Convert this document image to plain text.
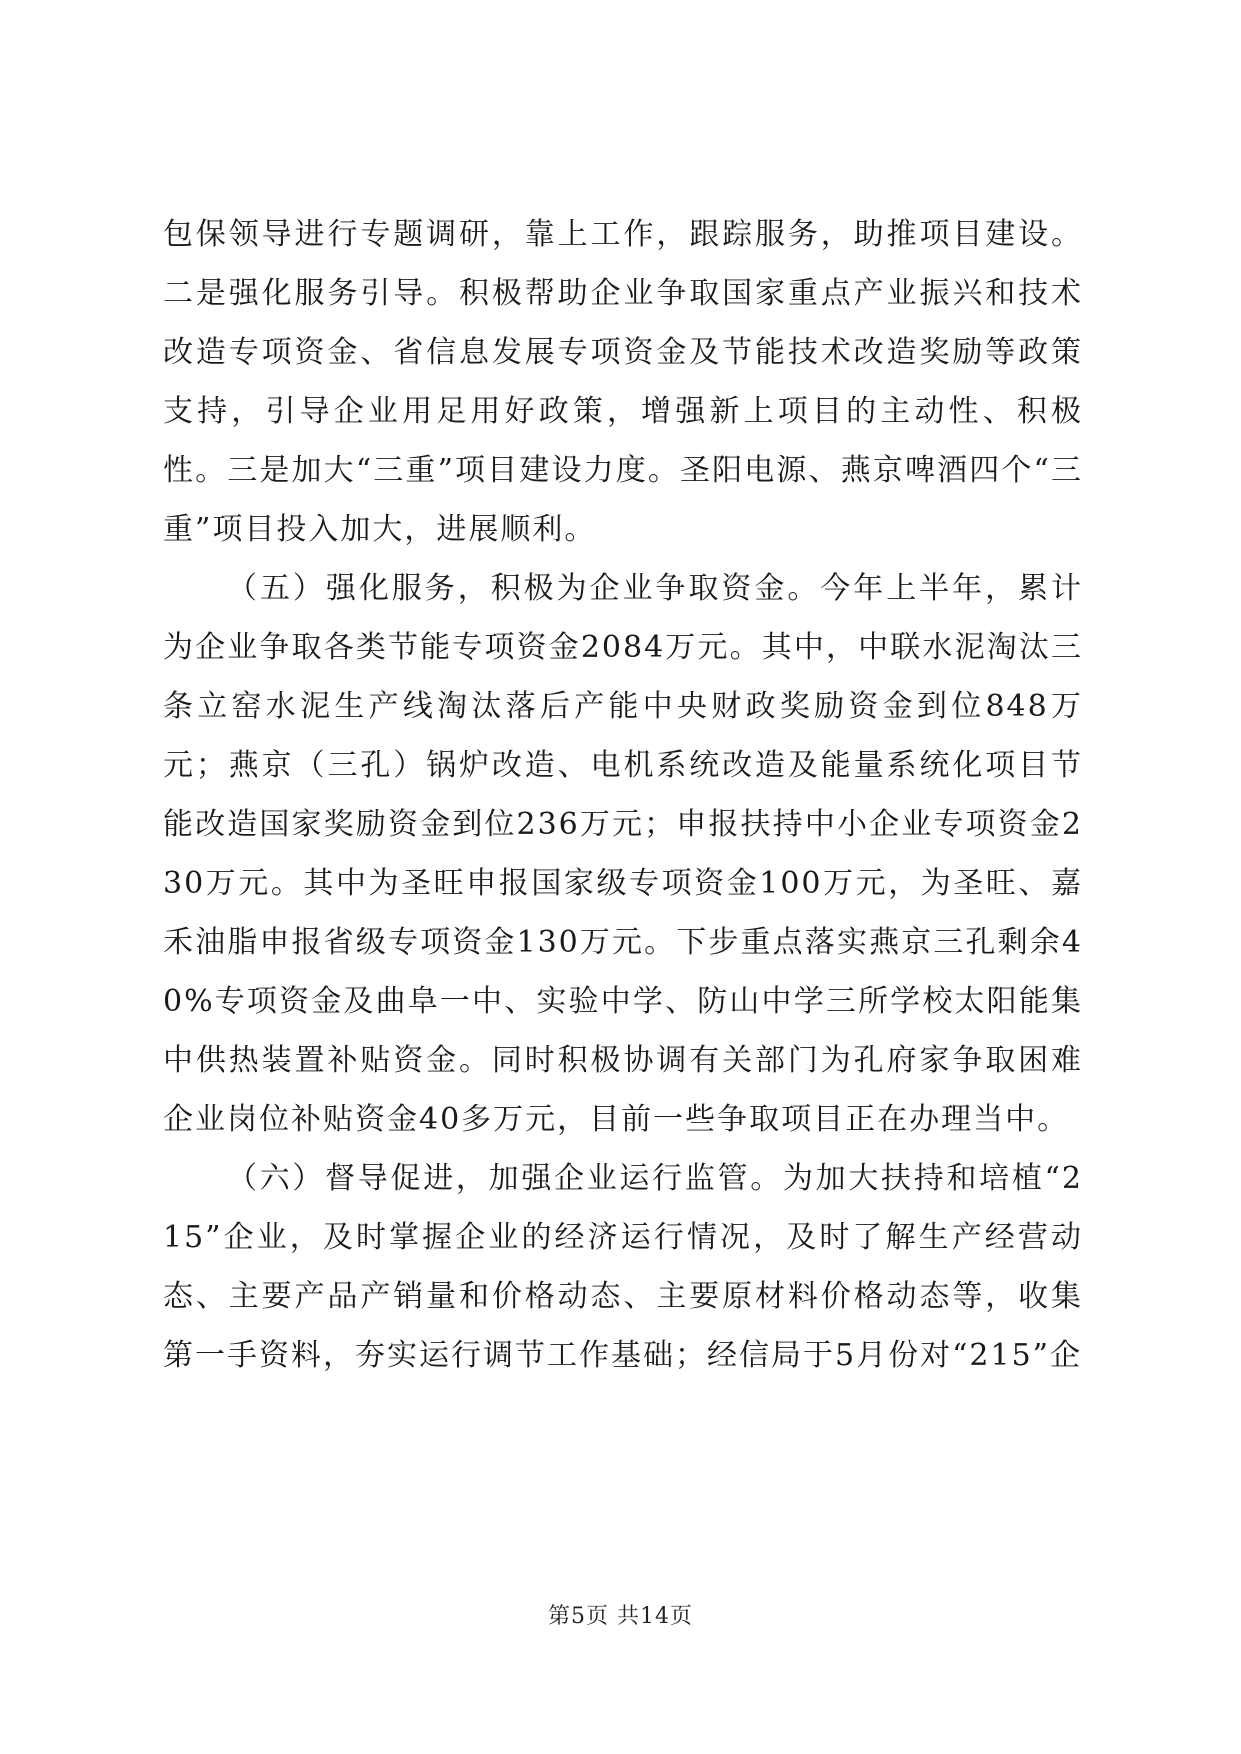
包保领导进行专题调研，靠上工作，跟踪服务，助推项目建设。二是强化服务引导。积极帮助企业争取国家重点产业振兴和技术改造专项资金、省信息发展专项资金及节能技术改造奖励等政策支持，引导企业用足用好政策，增强新上项目的主动性、积极性。三是加大“三重”项目建设力度。圣阳电源、燕京啤酒四个“三重”项目投入加大，进展顺利。

（五）强化服务，积极为企业争取资金。今年上半年，累计为企业争取各类节能专项资金2084万元。其中，中联水泥淘汰三条立窑水泥生产线淘汰落后产能中央财政奖励资金到位848万元；燕京（三孔）锅炉改造、电机系统改造及能量系统化项目节能改造国家奖励资金到位236万元；申报扶持中小企业专项资金230万元。其中为圣旺申报国家级专项资金100万元，为圣旺、嘉禾油脂申报省级专项资金130万元。下步重点落实燕京三孔剩余40%专项资金及曲阜一中、实验中学、防山中学三所学校太阳能集中供热装置补贴资金。同时积极协调有关部门为孔府家争取困难企业岗位补贴资金40多万元，目前一些争取项目正在办理当中。

（六）督导促进，加强企业运行监管。为加大扶持和培植“215”企业，及时掌握企业的经济运行情况，及时了解生产经营动态、主要产品产销量和价格动态、主要原材料价格动态等，收集第一手资料，夯实运行调节工作基础；经信局于5月份对“215”企

第5页 共14页
